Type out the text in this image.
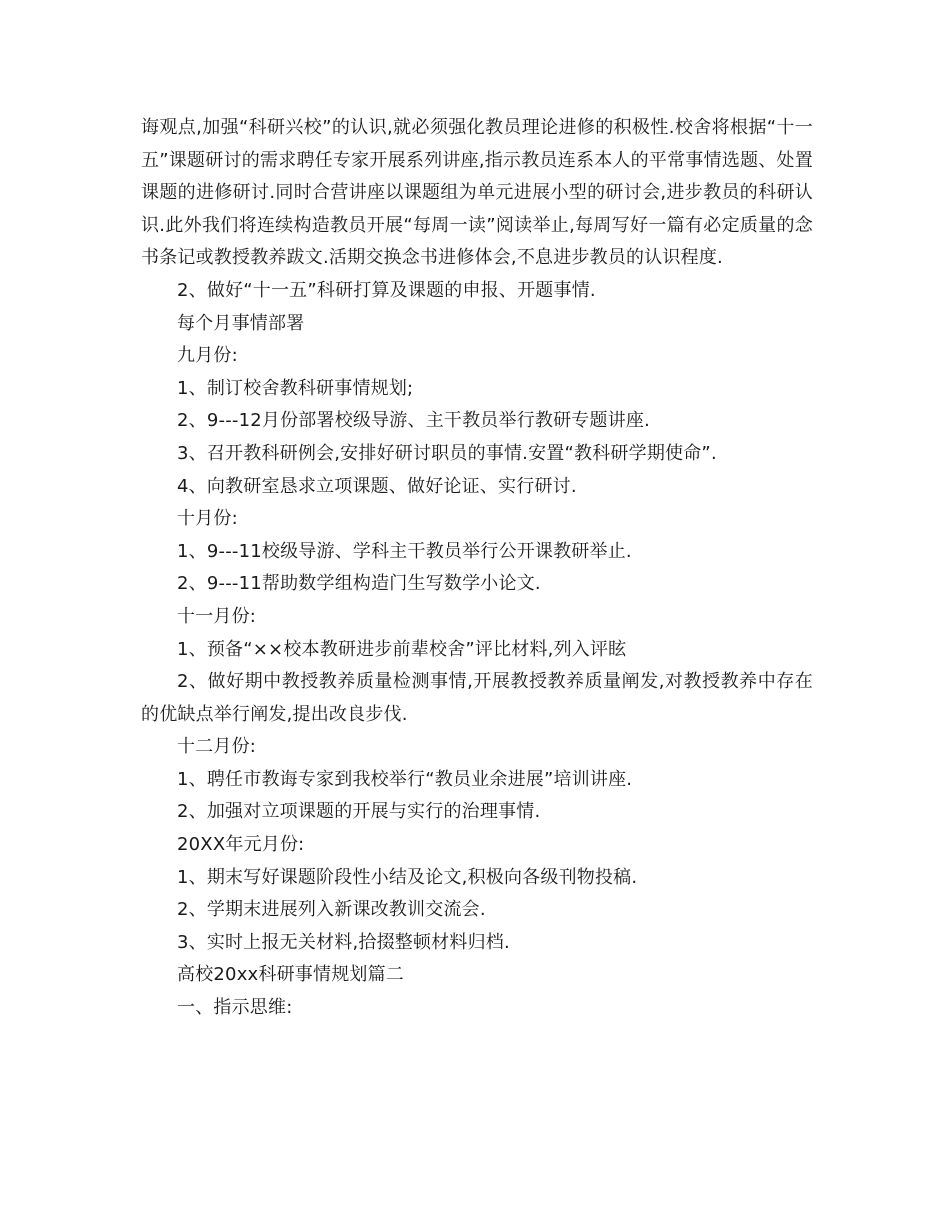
诲观点,加强“科研兴校”的认识,就必须强化教员理论进修的积极性.校舍将根据“十一五”课题研讨的需求聘任专家开展系列讲座,指示教员连系本人的平常事情选题、处置课题的进修研讨.同时合营讲座以课题组为单元进展小型的研讨会,进步教员的科研认识.此外我们将连续构造教员开展“每周一读”阅读举止,每周写好一篇有必定质量的念书条记或教授教养跋文.活期交换念书进修体会,不息进步教员的认识程度.

2、做好“十一五”科研打算及课题的申报、开题事情.

每个月事情部署

九月份:

1、制订校舍教科研事情规划;

2、9---12月份部署校级导游、主干教员举行教研专题讲座.

3、召开教科研例会,安排好研讨职员的事情.安置“教科研学期使命”.

4、向教研室恳求立项课题、做好论证、实行研讨.

十月份:

1、9---11校级导游、学科主干教员举行公开课教研举止.

2、9---11帮助数学组构造门生写数学小论文.

十一月份:

1、预备“××校本教研进步前辈校舍”评比材料,列入评眩

2、做好期中教授教养质量检测事情,开展教授教养质量阐发,对教授教养中存在的优缺点举行阐发,提出改良步伐.

十二月份:

1、聘任市教诲专家到我校举行“教员业余进展”培训讲座.

2、加强对立项课题的开展与实行的治理事情.

20XX年元月份:

1、期末写好课题阶段性小结及论文,积极向各级刊物投稿.

2、学期末进展列入新课改教训交流会.

3、实时上报无关材料,拾掇整顿材料归档.

高校20xx科研事情规划篇二

一、指示思维:
